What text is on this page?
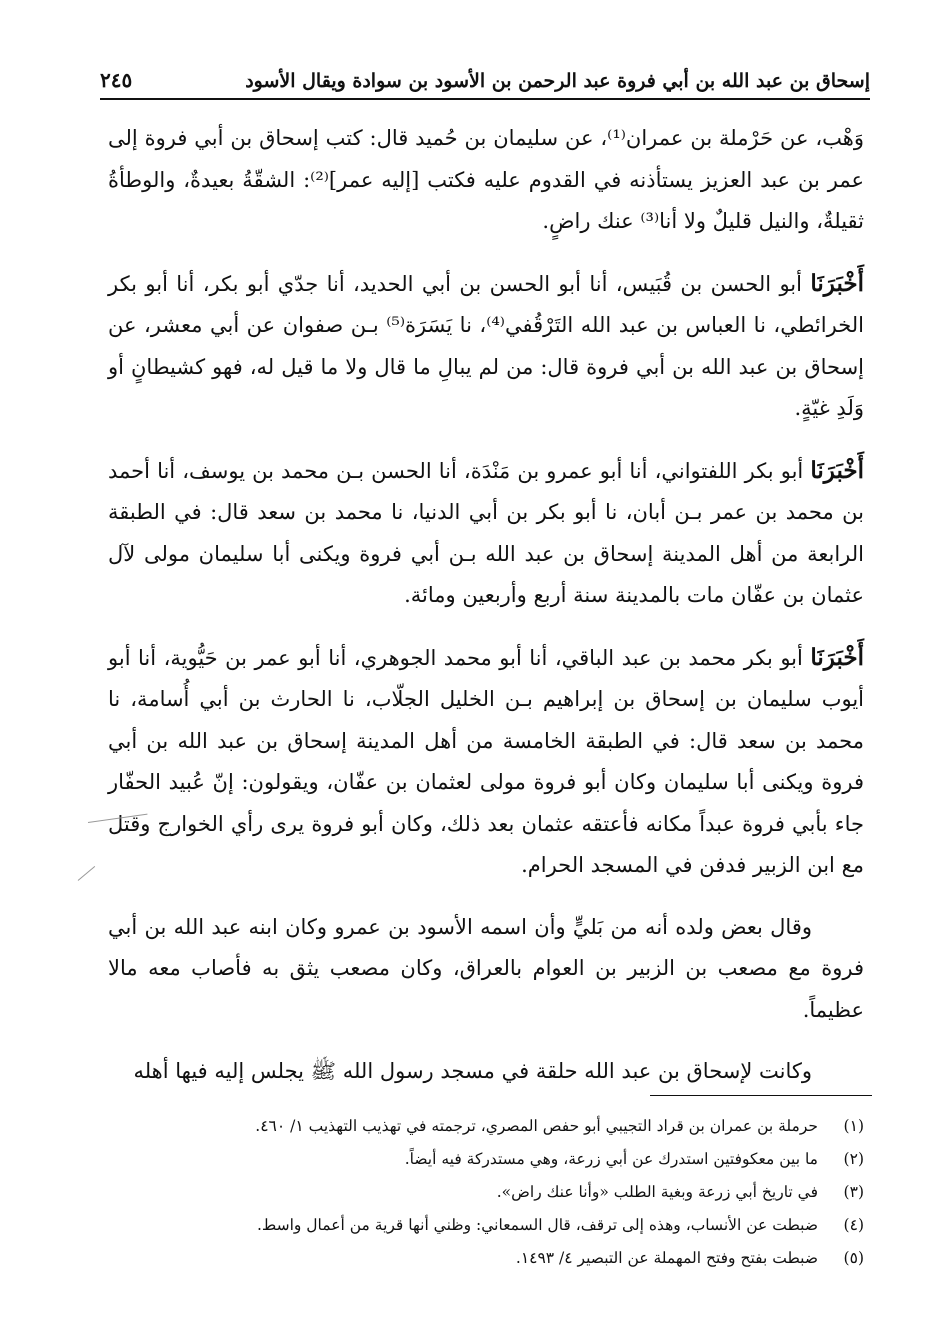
إسحاق بن عبد الله بن أبي فروة عبد الرحمن بن الأسود بن سوادة ويقال الأسود
٢٤٥

وَهْب، عن حَرْملة بن عمران⁽¹⁾، عن سليمان بن حُميد قال: كتب إسحاق بن أبي فروة إلى عمر بن عبد العزيز يستأذنه في القدوم عليه فكتب [إليه عمر]⁽²⁾: الشقّةُ بعيدةٌ، والوطأةُ ثقيلةٌ، والنيل قليلٌ ولا أنا⁽³⁾ عنك راضٍ.

أَخْبَرَنَا أبو الحسن بن قُبَيس، أنا أبو الحسن بن أبي الحديد، أنا جدّي أبو بكر، أنا أبو بكر الخرائطي، نا العباس بن عبد الله التَرْقُفي⁽⁴⁾، نا يَسَرَة⁽⁵⁾ بـن صفوان عن أبي معشر، عن إسحاق بن عبد الله بن أبي فروة قال: من لم يبالِ ما قال ولا ما قيل له، فهو كشيطانٍ أو وَلَدِ غيّةٍ.

أَخْبَرَنَا أبو بكر اللفتواني، أنا أبو عمرو بن مَنْدَة، أنا الحسن بـن محمد بن يوسف، أنا أحمد بن محمد بن عمر بـن أبان، نا أبو بكر بن أبي الدنيا، نا محمد بن سعد قال: في الطبقة الرابعة من أهل المدينة إسحاق بن عبد الله بـن أبي فروة ويكنى أبا سليمان مولى لآل عثمان بن عفّان مات بالمدينة سنة أربع وأربعين ومائة.

أَخْبَرَنَا أبو بكر محمد بن عبد الباقي، أنا أبو محمد الجوهري، أنا أبو عمر بن حَيُّوية، أنا أبو أيوب سليمان بن إسحاق بن إبراهيم بـن الخليل الجلّاب، نا الحارث بن أبي أُسامة، نا محمد بن سعد قال: في الطبقة الخامسة من أهل المدينة إسحاق بن عبد الله بن أبي فروة ويكنى أبا سليمان وكان أبو فروة مولى لعثمان بن عفّان، ويقولون: إنّ عُبيد الحفّار جاء بأبي فروة عبداً مكانه فأعتقه عثمان بعد ذلك، وكان أبو فروة يرى رأي الخوارج وقتل مع ابن الزبير فدفن في المسجد الحرام.

وقال بعض ولده أنه من بَليٍّ وأن اسمه الأسود بن عمرو وكان ابنه عبد الله بن أبي فروة مع مصعب بن الزبير بن العوام بالعراق، وكان مصعب يثق به فأصاب معه مالا عظيماً.

وكانت لإسحاق بن عبد الله حلقة في مسجد رسول الله ﷺ يجلس إليه فيها أهله

(١)
حرملة بن عمران بن قراد التجيبي أبو حفص المصري، ترجمته في تهذيب التهذيب ١/ ٤٦٠.
(٢)
ما بين معكوفتين استدرك عن أبي زرعة، وهي مستدركة فيه أيضاً.
(٣)
في تاريخ أبي زرعة وبغية الطلب «وأنا عنك راض».
(٤)
ضبطت عن الأنساب، وهذه إلى ترقف، قال السمعاني: وظني أنها قرية من أعمال واسط.
(٥)
ضبطت بفتح وفتح المهملة عن التبصير ٤/ ١٤٩٣.
